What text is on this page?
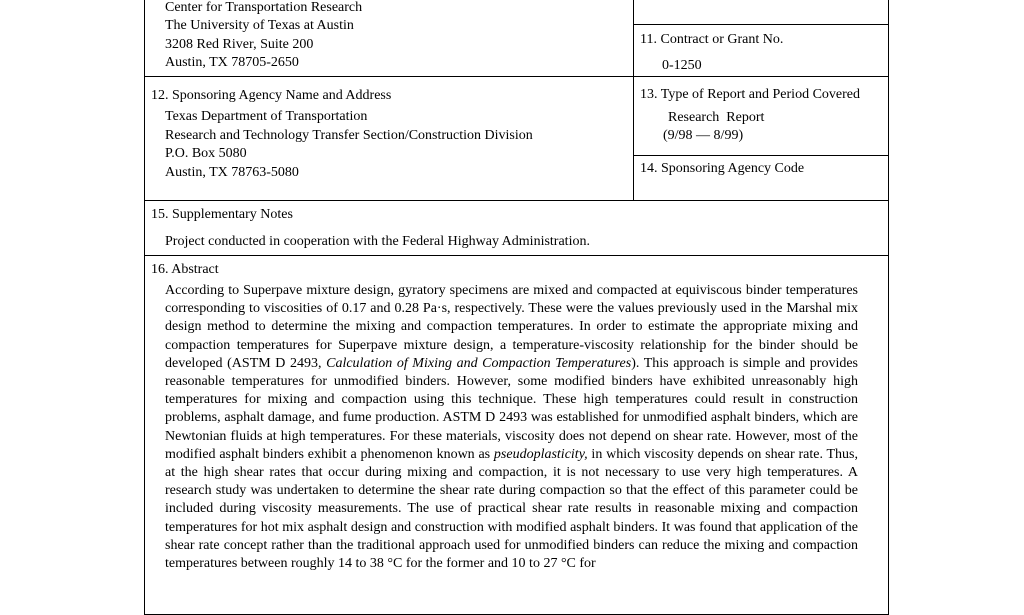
Center for Transportation Research
The University of Texas at Austin
3208 Red River, Suite 200
Austin, TX 78705-2650
11. Contract or Grant No.
0-1250
12. Sponsoring Agency Name and Address
Texas Department of Transportation
Research and Technology Transfer Section/Construction Division
P.O. Box 5080
Austin, TX 78763-5080
13. Type of Report and Period Covered
Research  Report
(9/98 — 8/99)
14. Sponsoring Agency Code
15. Supplementary Notes
Project conducted in cooperation with the Federal Highway Administration.
16. Abstract

According to Superpave mixture design, gyratory specimens are mixed and compacted at equiviscous binder temperatures corresponding to viscosities of 0.17 and 0.28 Pa·s, respectively. These were the values previously used in the Marshal mix design method to determine the mixing and compaction temperatures. In order to estimate the appropriate mixing and compaction temperatures for Superpave mixture design, a temperature-viscosity relationship for the binder should be developed (ASTM D 2493, Calculation of Mixing and Compaction Temperatures). This approach is simple and provides reasonable temperatures for unmodified binders. However, some modified binders have exhibited unreasonably high temperatures for mixing and compaction using this technique. These high temperatures could result in construction problems, asphalt damage, and fume production. ASTM D 2493 was established for unmodified asphalt binders, which are Newtonian fluids at high temperatures. For these materials, viscosity does not depend on shear rate. However, most of the modified asphalt binders exhibit a phenomenon known as pseudoplasticity, in which viscosity depends on shear rate. Thus, at the high shear rates that occur during mixing and compaction, it is not necessary to use very high temperatures. A research study was undertaken to determine the shear rate during compaction so that the effect of this parameter could be included during viscosity measurements. The use of practical shear rate results in reasonable mixing and compaction temperatures for hot mix asphalt design and construction with modified asphalt binders. It was found that application of the shear rate concept rather than the traditional approach used for unmodified binders can reduce the mixing and compaction temperatures between roughly 14 to 38 °C for the former and 10 to 27 °C for
